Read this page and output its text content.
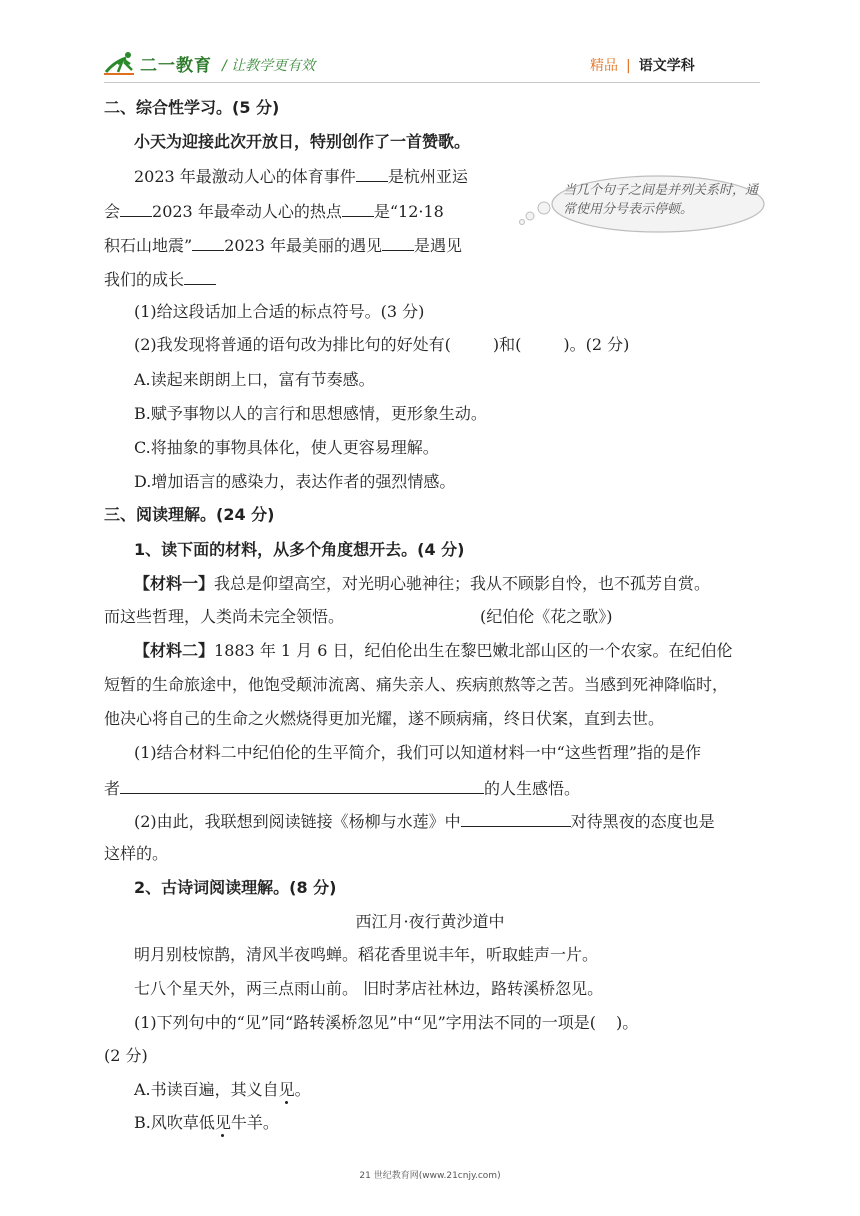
二一教育 / 让教学更有效	精品 | 语文学科
二、综合性学习。(5 分)
小天为迎接此次开放日，特别创作了一首赞歌。
2023 年最激动人心的体育事件 是杭州亚运
会 2023 年最牵动人心的热点 是“12·18
积石山地震” 2023 年最美丽的遇见 是遇见
我们的成长
当几个句子之间是并列关系时，通常使用分号表示停顿。
(1)给这段话加上合适的标点符号。(3 分)
(2)我发现将普通的语句改为排比句的好处有(	)和(	)。(2 分)
A.读起来朗朗上口，富有节奏感。
B.赋予事物以人的言行和思想感情，更形象生动。
C.将抽象的事物具体化，使人更容易理解。
D.增加语言的感染力，表达作者的强烈情感。
三、阅读理解。(24 分)
1、读下面的材料，从多个角度想开去。(4 分)
【材料一】我总是仰望高空，对光明心驰神往；我从不顾影自怜，也不孤芳自赏。
而这些哲理，人类尚未完全领悟。	(纪伯伦《花之歌》)
【材料二】1883 年 1 月 6 日，纪伯伦出生在黎巴嫩北部山区的一个农家。在纪伯伦
短暂的生命旅途中，他饱受颠沛流离、痛失亲人、疾病煎熬等之苦。当感到死神降临时，
他决心将自己的生命之火燃烧得更加光耀，遂不顾病痛，终日伏案，直到去世。
(1)结合材料二中纪伯伦的生平简介，我们可以知道材料一中“这些哲理”指的是作
者	的人生感悟。
(2)由此，我联想到阅读链接《杨柳与水莲》中	对待黑夜的态度也是
这样的。
2、古诗词阅读理解。(8 分)
西江月·夜行黄沙道中
明月别枝惊鹊，清风半夜鸣蝉。稻花香里说丰年，听取蛙声一片。
七八个星天外，两三点雨山前。 旧时茅店社林边，路转溪桥忽见。
(1)下列句中的“见”同“路转溪桥忽见”中“见”字用法不同的一项是( )。
(2 分)
A.书读百遍，其义自见。
B.风吹草低见牛羊。
21 世纪教育网(www.21cnjy.com)
